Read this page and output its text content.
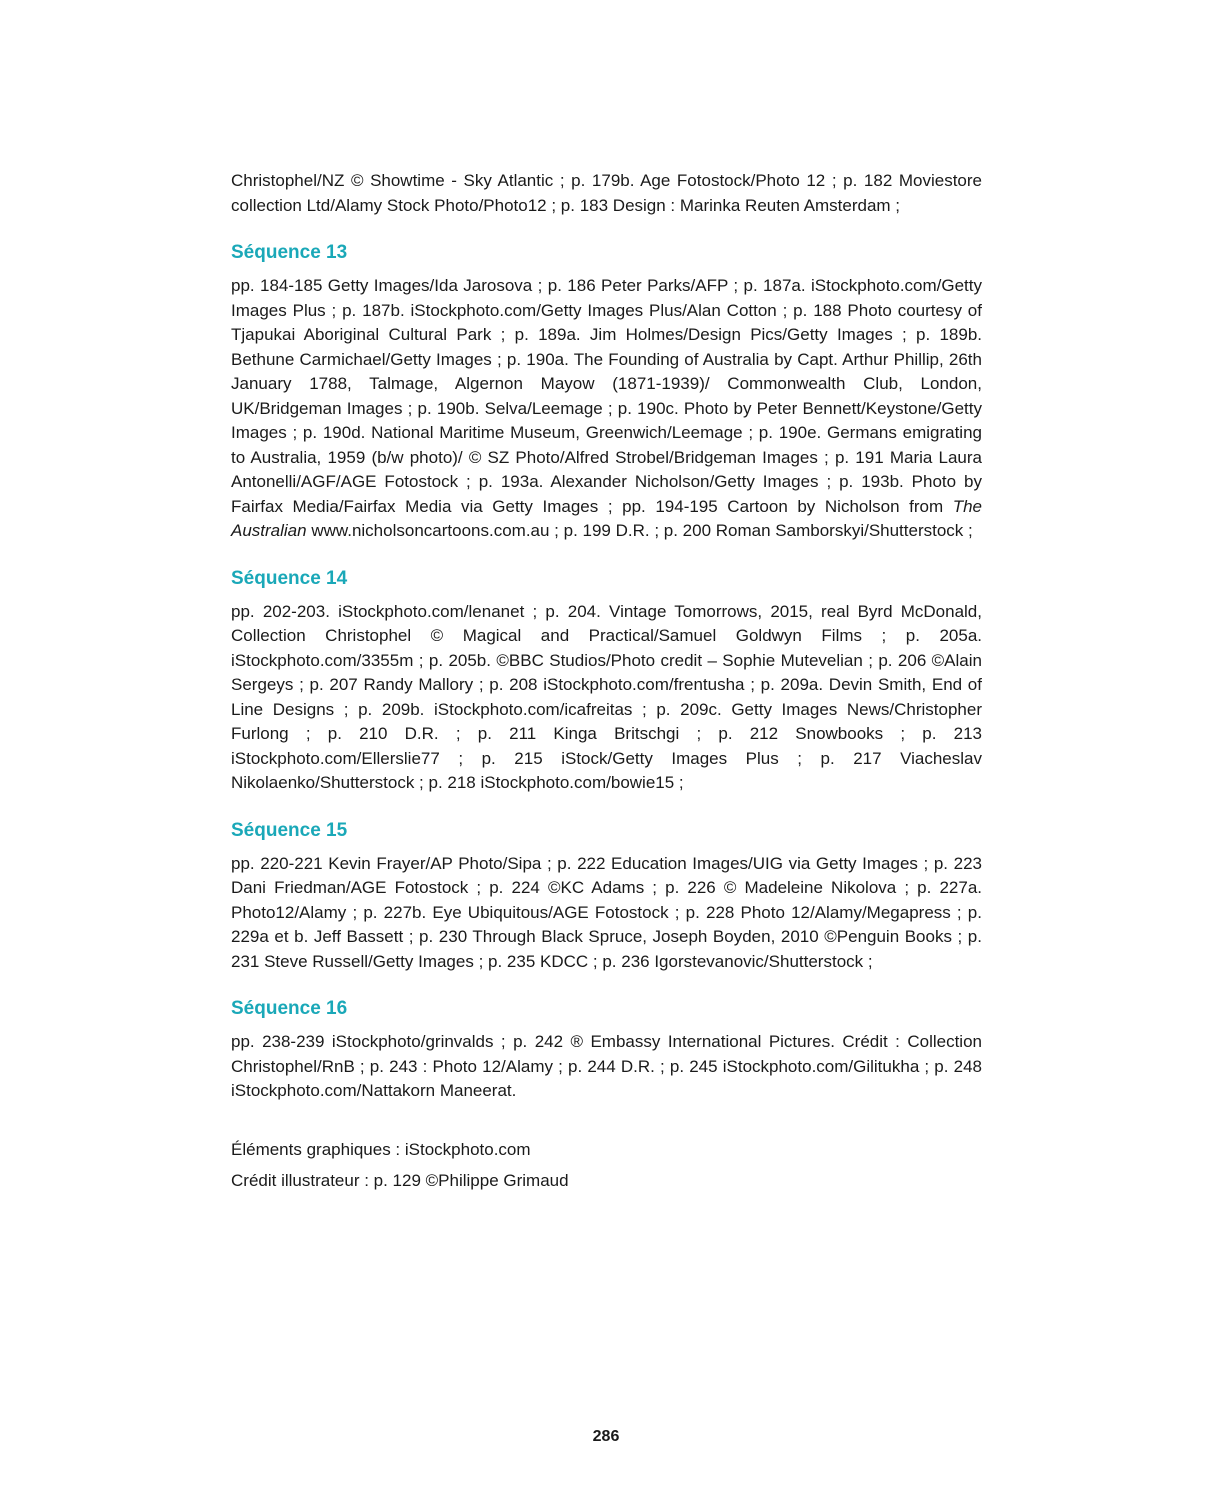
Christophel/NZ © Showtime - Sky Atlantic ; p. 179b. Age Fotostock/Photo 12 ; p. 182 Moviestore collection Ltd/Alamy Stock Photo/Photo12 ; p. 183 Design : Marinka Reuten Amsterdam ;

Séquence 13

pp. 184-185 Getty Images/Ida Jarosova ; p. 186 Peter Parks/AFP ; p. 187a. iStockphoto.com/Getty Images Plus ; p. 187b. iStockphoto.com/Getty Images Plus/Alan Cotton ; p. 188 Photo courtesy of Tjapukai Aboriginal Cultural Park ; p. 189a. Jim Holmes/Design Pics/Getty Images ; p. 189b. Bethune Carmichael/Getty Images ; p. 190a. The Founding of Australia by Capt. Arthur Phillip, 26th January 1788, Talmage, Algernon Mayow (1871-1939)/ Commonwealth Club, London, UK/Bridgeman Images ; p. 190b. Selva/Leemage ; p. 190c. Photo by Peter Bennett/Keystone/Getty Images ; p. 190d. National Maritime Museum, Greenwich/Leemage ; p. 190e. Germans emigrating to Australia, 1959 (b/w photo)/ © SZ Photo/Alfred Strobel/Bridgeman Images ; p. 191 Maria Laura Antonelli/AGF/AGE Fotostock ; p. 193a. Alexander Nicholson/Getty Images ; p. 193b. Photo by Fairfax Media/Fairfax Media via Getty Images ; pp. 194-195 Cartoon by Nicholson from The Australian www.nicholsoncartoons.com.au ; p. 199 D.R. ; p. 200 Roman Samborskyi/Shutterstock ;

Séquence 14

pp. 202-203. iStockphoto.com/lenanet ; p. 204. Vintage Tomorrows, 2015, real Byrd McDonald, Collection Christophel © Magical and Practical/Samuel Goldwyn Films ; p. 205a. iStockphoto.com/3355m ; p. 205b. ©BBC Studios/Photo credit – Sophie Mutevelian ; p. 206 ©Alain Sergeys ; p. 207 Randy Mallory ; p. 208 iStockphoto.com/frentusha ; p. 209a. Devin Smith, End of Line Designs ; p. 209b. iStockphoto.com/icafreitas ; p. 209c. Getty Images News/Christopher Furlong ; p. 210 D.R. ; p. 211 Kinga Britschgi ; p. 212 Snowbooks ; p. 213 iStockphoto.com/Ellerslie77 ; p. 215 iStock/Getty Images Plus ; p. 217 Viacheslav Nikolaenko/Shutterstock ; p. 218 iStockphoto.com/bowie15 ;

Séquence 15

pp. 220-221 Kevin Frayer/AP Photo/Sipa ; p. 222 Education Images/UIG via Getty Images ; p. 223 Dani Friedman/AGE Fotostock ; p. 224 ©KC Adams ; p. 226 © Madeleine Nikolova ; p. 227a. Photo12/Alamy ; p. 227b. Eye Ubiquitous/AGE Fotostock ; p. 228 Photo 12/Alamy/Megapress ; p. 229a et b. Jeff Bassett ; p. 230 Through Black Spruce, Joseph Boyden, 2010 ©Penguin Books ; p. 231 Steve Russell/Getty Images ; p. 235 KDCC ; p. 236 Igorstevanovic/Shutterstock ;

Séquence 16

pp. 238-239 iStockphoto/grinvalds ; p. 242 ® Embassy International Pictures. Crédit : Collection Christophel/RnB ; p. 243 : Photo 12/Alamy ; p. 244 D.R. ; p. 245 iStockphoto.com/Gilitukha ; p. 248 iStockphoto.com/Nattakorn Maneerat.

Éléments graphiques : iStockphoto.com

Crédit illustrateur : p. 129 ©Philippe Grimaud

286
